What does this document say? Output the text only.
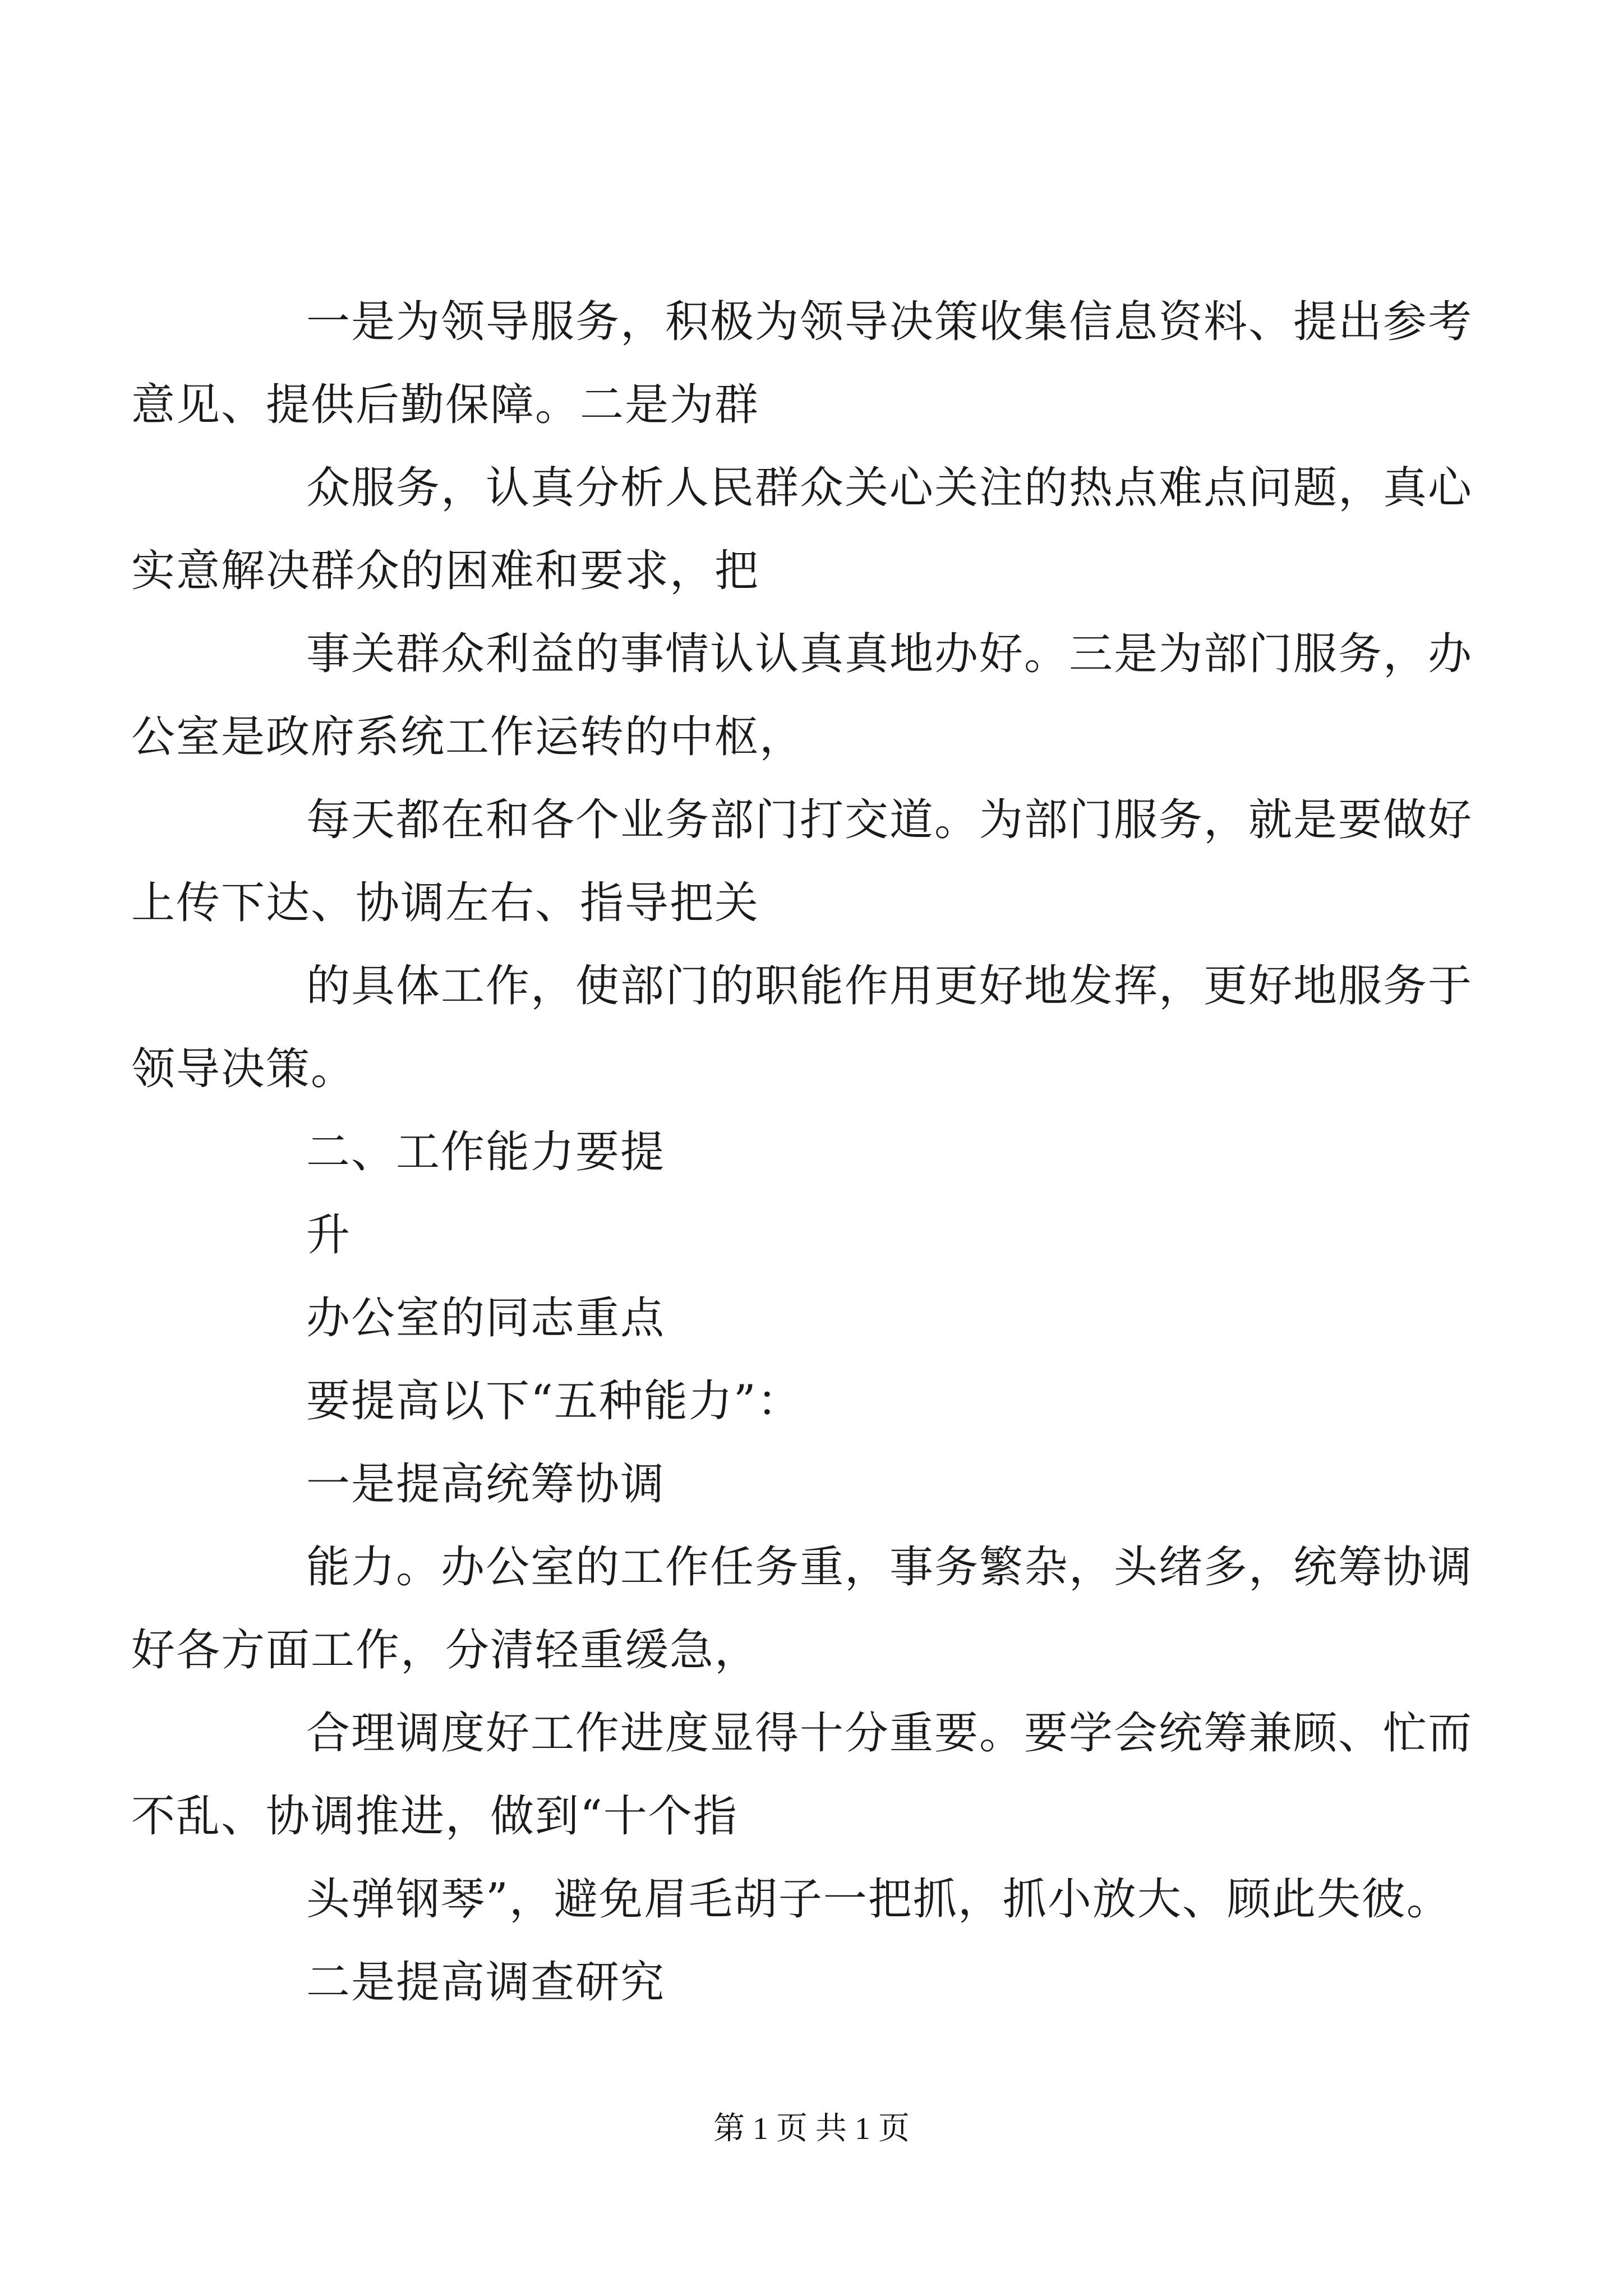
一是为领导服务，积极为领导决策收集信息资料、提出参考
意见、提供后勤保障。二是为群

众服务，认真分析人民群众关心关注的热点难点问题，真心
实意解决群众的困难和要求，把

事关群众利益的事情认认真真地办好。三是为部门服务，办
公室是政府系统工作运转的中枢，

每天都在和各个业务部门打交道。为部门服务，就是要做好
上传下达、协调左右、指导把关

的具体工作，使部门的职能作用更好地发挥，更好地服务于
领导决策。

二、工作能力要提

升

办公室的同志重点

要提高以下“五种能力”：

一是提高统筹协调

能力。办公室的工作任务重，事务繁杂，头绪多，统筹协调
好各方面工作，分清轻重缓急，

合理调度好工作进度显得十分重要。要学会统筹兼顾、忙而
不乱、协调推进，做到“十个指

头弹钢琴”，避免眉毛胡子一把抓，抓小放大、顾此失彼。

二是提高调查研究

第 1 页 共 1 页
